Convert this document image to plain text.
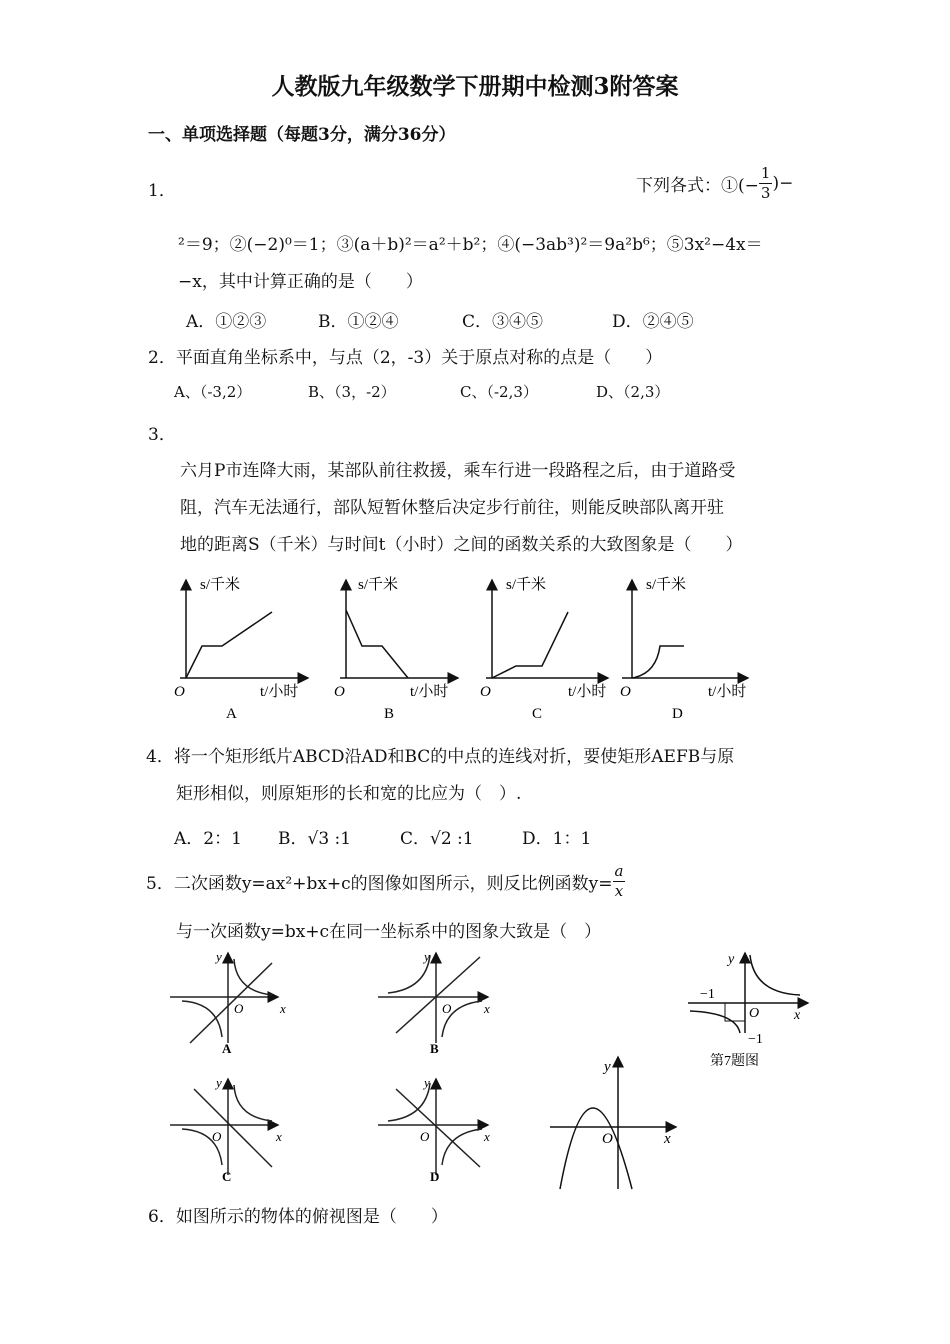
人教版九年级数学下册期中检测3附答案
一、单项选择题（每题3分，满分36分）
1．	下列各式：①(− $\frac{1}{3}$ )−
²＝9；②(−2)⁰＝1；③(a＋b)²＝a²＋b²；④(−3ab³)²＝9a²b⁶；⑤3x²−4x＝
−x，其中计算正确的是（　　）
A．①②③	B．①②④	C．③④⑤	D．②④⑤
2．平面直角坐标系中，与点（2，-3）关于原点对称的点是（　　）
A、（-3,2）	B、（3，-2）	C、（-2,3）	D、（2,3）
3．
六月P市连降大雨，某部队前往救援，乘车行进一段路程之后，由于道路受
阻，汽车无法通行，部队短暂休整后决定步行前往，则能反映部队离开驻
地的距离S（千米）与时间t（小时）之间的函数关系的大致图象是（　　）
s/千米
t/小时
O
A
s/千米
t/小时
O
B
s/千米
t/小时
O
C
s/千米
t/小时
O
D
4．将一个矩形纸片ABCD沿AD和BC的中点的连线对折，要使矩形AEFB与原
矩形相似，则原矩形的长和宽的比应为（　）.
A．2：1 B．√3 :1	C．√2 :1	D．1：1
5．二次函数y=ax²+bx+c的图像如图所示，则反比例函数$y= \frac{a}{x}$
与一次函数y=bx+c在同一坐标系中的图象大致是（　）
y
x
O
A
y
x
O
B
y
x
O
C
y
x
O
D
y
x
O
−1
−1
y
x
O
第7题图
6．如图所示的物体的俯视图是（　　）
